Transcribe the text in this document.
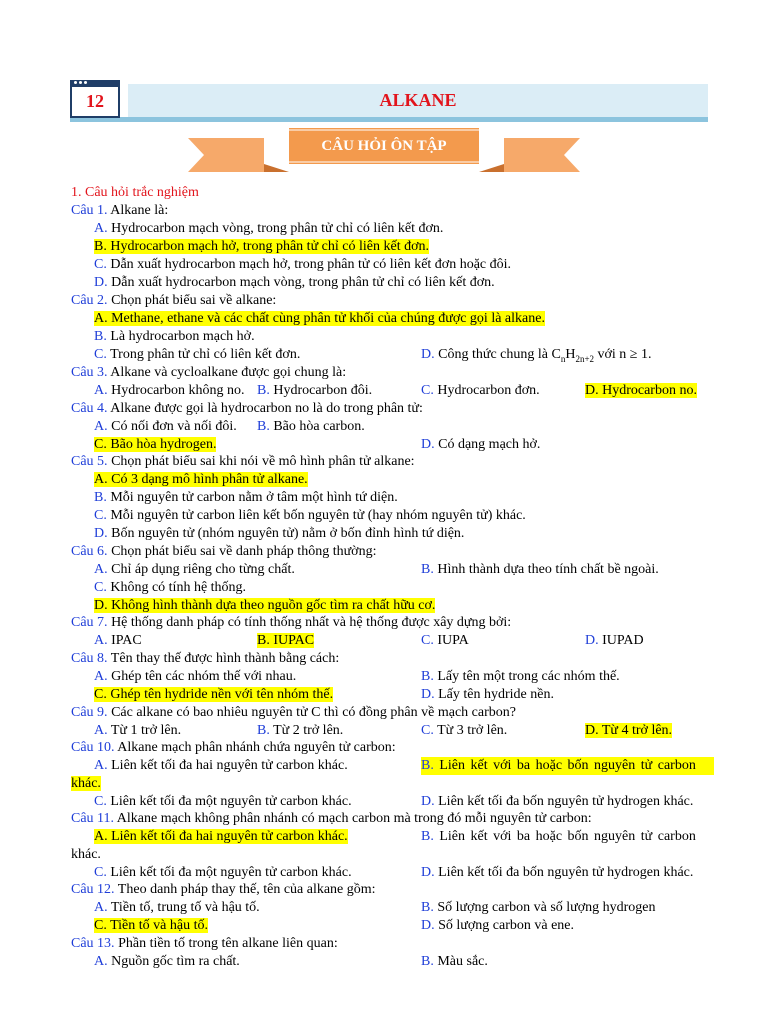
12	ALKANE
CÂU HỎI ÔN TẬP
1. Câu hỏi trắc nghiệm
Câu 1. Alkane là:
A. Hydrocarbon mạch vòng, trong phân tử chỉ có liên kết đơn.
B. Hydrocarbon mạch hở, trong phân tử chỉ có liên kết đơn.
C. Dẫn xuất hydrocarbon mạch hở, trong phân tử có liên kết đơn hoặc đôi.
D. Dẫn xuất hydrocarbon mạch vòng, trong phân tử chỉ có liên kết đơn.
Câu 2. Chọn phát biểu sai về alkane:
A. Methane, ethane và các chất cùng phân tử khối của chúng được gọi là alkane.
B. Là hydrocarbon mạch hở.
C. Trong phân tử chỉ có liên kết đơn.	D. Công thức chung là $C_nH_{2n+2}$ với n ≥ 1.
Câu 3. Alkane và cycloalkane được gọi chung là:
A. Hydrocarbon không no. B. Hydrocarbon đôi.	C. Hydrocarbon đơn.	D. Hydrocarbon no.
Câu 4. Alkane được gọi là hydrocarbon no là do trong phân tử:
A. Có nối đơn và nối đôi. B. Bão hòa carbon.
C. Bão hòa hydrogen.	D. Có dạng mạch hở.
Câu 5. Chọn phát biểu sai khi nói về mô hình phân tử alkane:
A. Có 3 dạng mô hình phân tử alkane.
B. Mỗi nguyên tử carbon nằm ở tâm một hình tứ diện.
C. Mỗi nguyên tử carbon liên kết bốn nguyên tử (hay nhóm nguyên tử) khác.
D. Bốn nguyên tử (nhóm nguyên tử) nằm ở bốn đỉnh hình tứ diện.
Câu 6. Chọn phát biểu sai về danh pháp thông thường:
A. Chỉ áp dụng riêng cho từng chất.	B. Hình thành dựa theo tính chất bề ngoài.
C. Không có tính hệ thống.
D. Không hình thành dựa theo nguồn gốc tìm ra chất hữu cơ.
Câu 7. Hệ thống danh pháp có tính thống nhất và hệ thống được xây dựng bởi:
A. IPAC	B. IUPAC	C. IUPA	D. IUPAD
Câu 8. Tên thay thế được hình thành bằng cách:
A. Ghép tên các nhóm thế với nhau.	B. Lấy tên một trong các nhóm thế.
C. Ghép tên hydride nền với tên nhóm thế.	D. Lấy tên hydride nền.
Câu 9. Các alkane có bao nhiêu nguyên tử C thì có đồng phân về mạch carbon?
A. Từ 1 trở lên.	B. Từ 2 trở lên.	C. Từ 3 trở lên.	D. Từ 4 trở lên.
Câu 10. Alkane mạch phân nhánh chứa nguyên tử carbon:
A. Liên kết tối đa hai nguyên tử carbon khác.	B. Liên kết với ba hoặc bốn nguyên tử carbon
khác.
C. Liên kết tối đa một nguyên tử carbon khác.	D. Liên kết tối đa bốn nguyên tử hydrogen khác.
Câu 11. Alkane mạch không phân nhánh có mạch carbon mà trong đó mỗi nguyên tử carbon:
A. Liên kết tối đa hai nguyên tử carbon khác.	B. Liên kết với ba hoặc bốn nguyên tử carbon
khác.
C. Liên kết tối đa một nguyên tử carbon khác.	D. Liên kết tối đa bốn nguyên tử hydrogen khác.
Câu 12. Theo danh pháp thay thế, tên của alkane gồm:
A. Tiền tố, trung tố và hậu tố.	B. Số lượng carbon và số lượng hydrogen
C. Tiền tố và hậu tố.	D. Số lượng carbon và ene.
Câu 13. Phần tiền tố trong tên alkane liên quan:
A. Nguồn gốc tìm ra chất.	B. Màu sắc.
